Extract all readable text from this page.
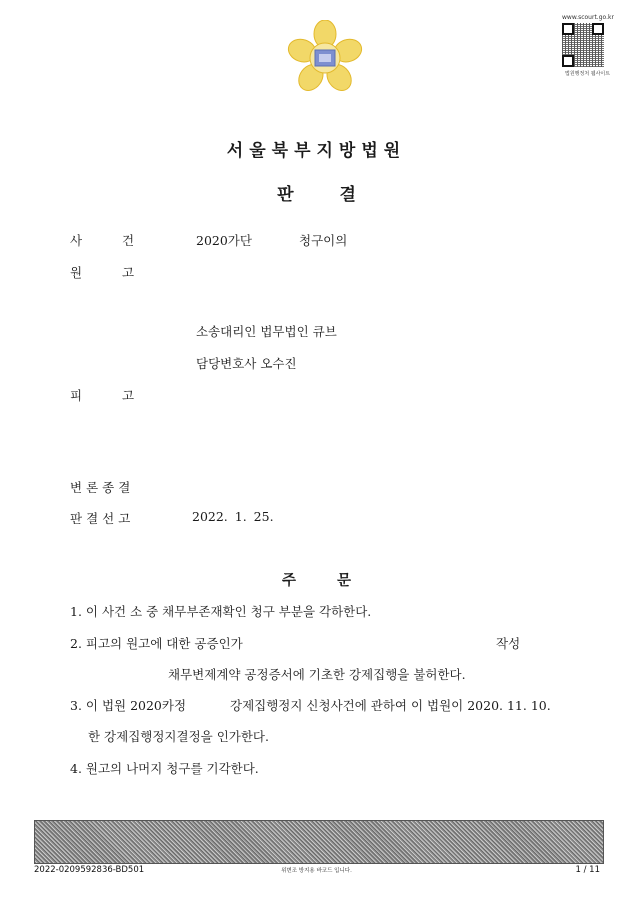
www.scourt.go.kr
법원행정처 웹사이트
서울북부지방법원
판 결
사 건	2020가단	청구이의
원 고
소송대리인 법무법인 큐브
담당변호사 오수진
피 고
변론종결
판결선고	2022. 1. 25.
주 문
1. 이 사건 소 중 채무부존재확인 청구 부분을 각하한다.
2. 피고의 원고에 대한 공증인가	작성
채무변제계약 공정증서에 기초한 강제집행을 불허한다.
3. 이 법원 2020카정	강제집행정지 신청사건에 관하여 이 법원이 2020. 11. 10.
한 강제집행정지결정을 인가한다.
4. 원고의 나머지 청구를 기각한다.
2022-0209592836-BD501	위변조 방지용 바코드 입니다.	1 / 11
